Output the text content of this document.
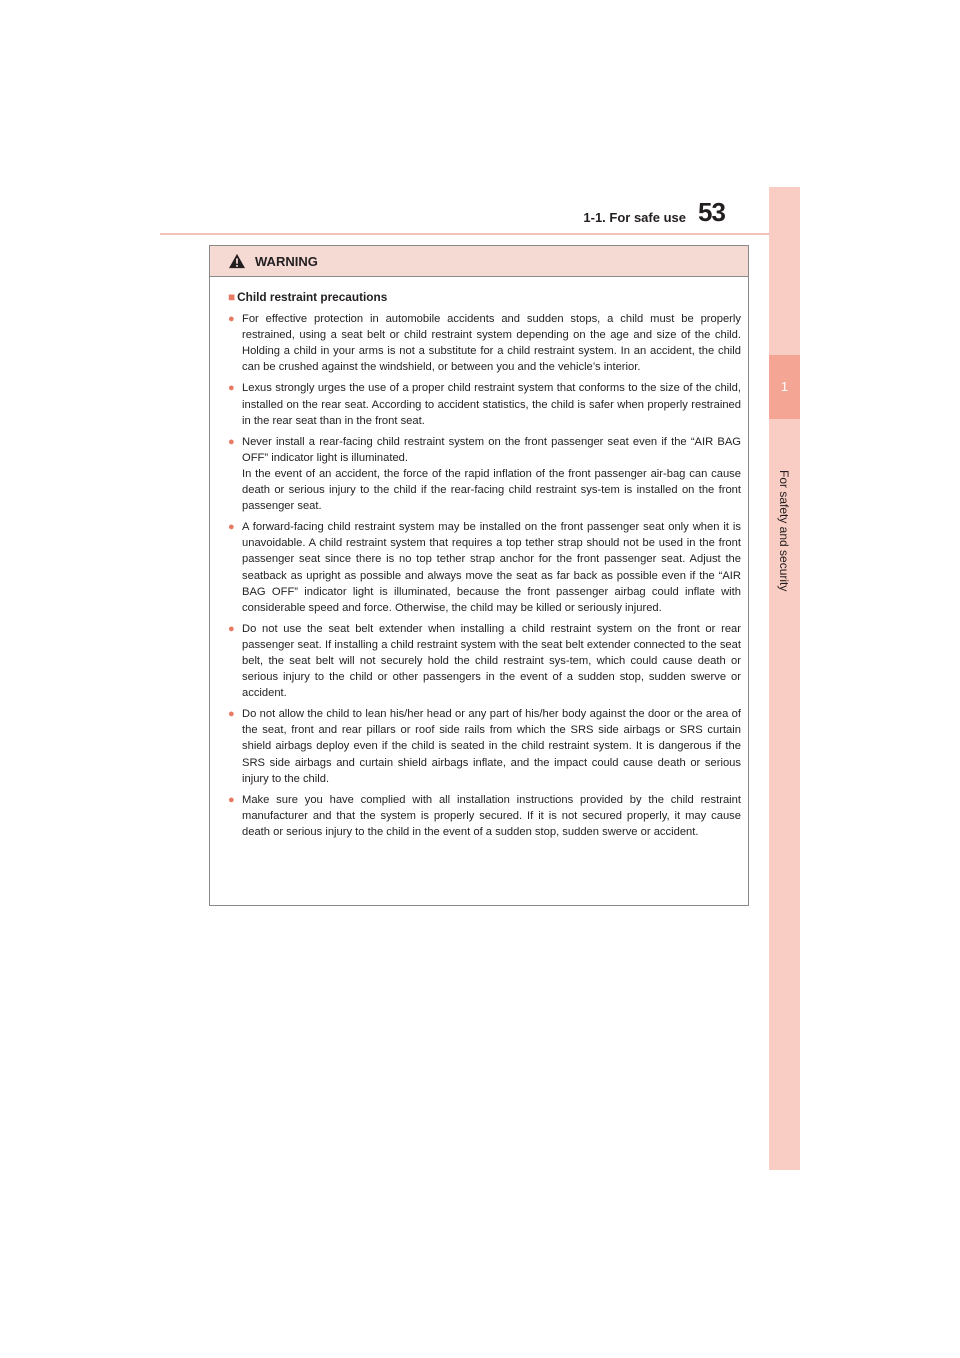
1-1. For safe use 53
1
For safety and security
WARNING
■ Child restraint precautions
● For effective protection in automobile accidents and sudden stops, a child must be properly restrained, using a seat belt or child restraint system depending on the age and size of the child. Holding a child in your arms is not a substitute for a child restraint system. In an accident, the child can be crushed against the windshield, or between you and the vehicle’s interior.

● Lexus strongly urges the use of a proper child restraint system that conforms to the size of the child, installed on the rear seat. According to accident statistics, the child is safer when properly restrained in the rear seat than in the front seat.

● Never install a rear-facing child restraint system on the front passenger seat even if the “AIR BAG OFF” indicator light is illuminated.

In the event of an accident, the force of the rapid inflation of the front passenger air-bag can cause death or serious injury to the child if the rear-facing child restraint sys-tem is installed on the front passenger seat.

● A forward-facing child restraint system may be installed on the front passenger seat only when it is unavoidable. A child restraint system that requires a top tether strap should not be used in the front passenger seat since there is no top tether strap anchor for the front passenger seat. Adjust the seatback as upright as possible and always move the seat as far back as possible even if the “AIR BAG OFF” indicator light is illuminated, because the front passenger airbag could inflate with considerable speed and force. Otherwise, the child may be killed or seriously injured.

● Do not use the seat belt extender when installing a child restraint system on the front or rear passenger seat. If installing a child restraint system with the seat belt extender connected to the seat belt, the seat belt will not securely hold the child restraint sys-tem, which could cause death or serious injury to the child or other passengers in the event of a sudden stop, sudden swerve or accident.

● Do not allow the child to lean his/her head or any part of his/her body against the door or the area of the seat, front and rear pillars or roof side rails from which the SRS side airbags or SRS curtain shield airbags deploy even if the child is seated in the child restraint system. It is dangerous if the SRS side airbags and curtain shield airbags inflate, and the impact could cause death or serious injury to the child.

● Make sure you have complied with all installation instructions provided by the child restraint manufacturer and that the system is properly secured. If it is not secured properly, it may cause death or serious injury to the child in the event of a sudden stop, sudden swerve or accident.
